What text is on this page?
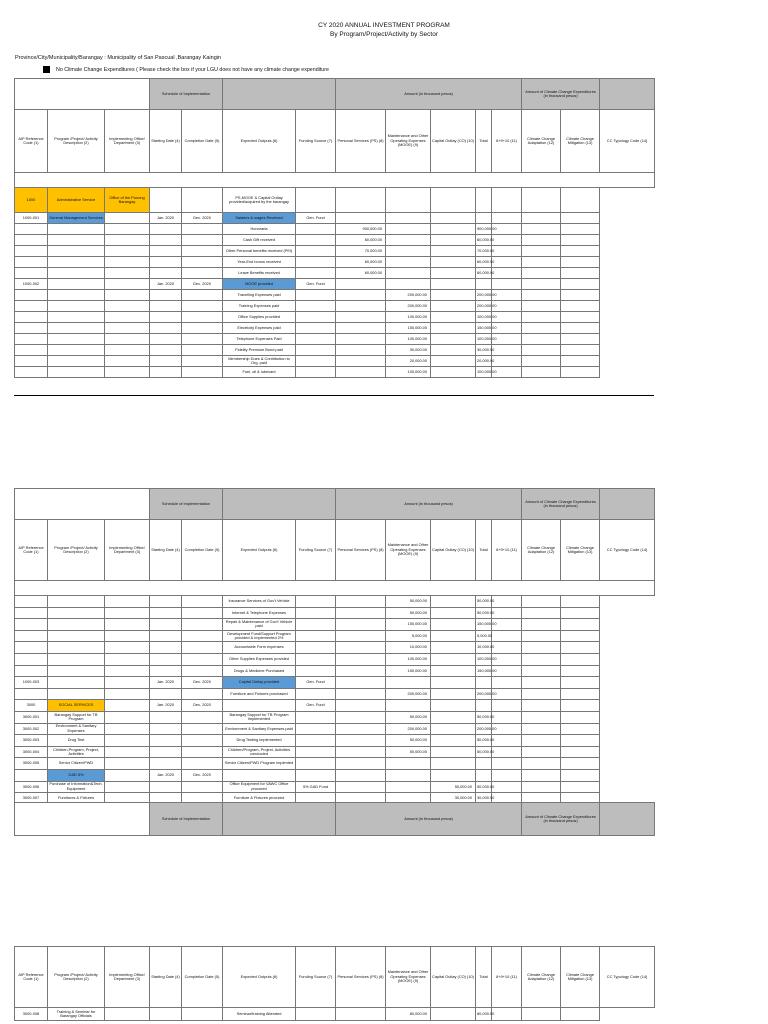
CY 2020 ANNUAL INVESTMENT PROGRAM
By Program/Project/Activity by Sector
Province/City/Municipality/Barangay : Municipality of San Pascual ,Barangay Kaingin
No Climate Change Expenditures ( Please check the box if your LGU does not have any climate change expenditure
			Schedule of Implementation				Amount (in thousand pesos)					Amount of Climate Change Expenditures (in thousand pesos)		
AIP Reference Code (1)	Program /Project/ Activity Description (2)	Implementing Office/ Department (3)	Starting Date (4)	Completion Date (5)	Expected Outputs (6)	Funding Source (7)	Personal Services (PS) (8)	Maintenance and Other Operating Expenses (MOOE) (9)	Capital Outlay (CO) (10)	Total	8+9+10 (11)	Climate Change Adaptation (12)	Climate Change Mitigation (13)	CC Typology Code (14)

1000	Administrative Service	Office of the Punong Barangay			PS,MOOE & Capital Outlay provided/acquired by the barangay									
1000-001	General Management Services		Jan. 2020	Dec. 2020	Salaries & wages Received	Gen. Fund								
					Honoraria		900,000.00			900,000.00				
					Cash Gift received		60,000.00			60,000.00				
					Other Personal benefits received (PEI)		70,000.00			70,000.00				
					Year-End bonus received		60,000.00			60,000.00				
					Leave Benefits received		60,000.00			60,000.00				
1000-002			Jan. 2020	Dec. 2020	MOOE provided	Gen. Fund								
					Travelling Expenses paid			200,000.00		200,000.00				
					Training Expenses paid			200,000.00		200,000.00				
					Office Supplies provided			100,000.00		100,000.00				
					Electricity Expenses paid			150,000.00		150,000.00				
					Telephone Expenses Paid			100,000.00		100,000.00				
					Fidelity Premium Bond paid			30,000.00		30,000.00				
					Membership Dues & Contribution to Org. paid			20,000.00		20,000.00				
					Fuel, oil & lubricant			100,000.00		100,000.00				
			Schedule of Implementation				Amount (in thousand pesos)					Amount of Climate Change Expenditures (in thousand pesos)		
AIP Reference Code (1)	Program /Project/ Activity Description (2)	Implementing Office/ Department (3)	Starting Date (4)	Completion Date (5)	Expected Outputs (6)	Funding Source (7)	Personal Services (PS) (8)	Maintenance and Other Operating Expenses (MOOE) (9)	Capital Outlay (CO) (10)	Total	8+9+10 (11)	Climate Change Adaptation (12)	Climate Change Mitigation (13)	CC Typology Code (14)

					Insurance Services of Gov't Vehicle			50,000.00		50,000.00				
					Internet & Telephone Expenses			50,000.00		50,000.00				
					Repair & Maintenance of Gov't Vehicle paid			150,000.00		150,000.00				
					Development Fund/Support Program provided & implemented 2%			5,000.00		5,000.00				
					Accountable Form expenses			10,000.00		10,000.00				
					Other Supplies Expenses provided			100,000.00		100,000.00				
					Drugs & Medicine Purchased			150,000.00		150,000.00				
1000-003			Jan. 2020	Dec. 2020	Capital Outlay provided	Gen. Fund								
					Furniture and Fixtures purchased			200,000.00		200,000.00				
3000	SOCIAL SERVICES		Jan. 2020	Dec. 2020		Gen. Fund								
3000-001	Barangay Support for TB Program				Barangay Support for TB Program Implemented			50,000.00		50,000.00				
3000-002	Environment & Sanitary Expenses				Environment & Sanitary Expenses paid			200,000.00		200,000.00				
3000-003	Drug Test				Drug Testing implemented			50,000.00		50,000.00				
3000-004	Children,Program, Project, Activities				Children/Program, Project, Activities conducted			50,000.00		50,000.00				
3000-005	Senior Citizen/PWD				Senior Citizen/PWD Program implented									
	GAD 5%		Jan. 2020	Dec. 2020										
3000-006	Purchase of Information&Tech. Equipment				Office Equipment for VAWC Office procured	5% GAD Fund			50,000.00	50,000.00				
3000-007	Furnitures & Fixtures				Furniture & Fixtures procured				30,000.00	30,000.00				
			Schedule of Implementation				Amount (in thousand pesos)					Amount of Climate Change Expenditures (in thousand pesos)		

AIP Reference Code (1)	Program /Project/ Activity Description (2)	Implementing Office/ Department (3)	Starting Date (4)	Completion Date (5)	Expected Outputs (6)	Funding Source (7)	Personal Services (PS) (8)	Maintenance and Other Operating Expenses (MOOE) (9)	Capital Outlay (CO) (10)	Total	8+9+10 (11)	Climate Change Adaptation (12)	Climate Change Mitigation (13)	CC Typology Code (14)
3000-008	Training & Seminar for Barangay Officials				Seminar/training Attended			80,000.00		80,000.00				
